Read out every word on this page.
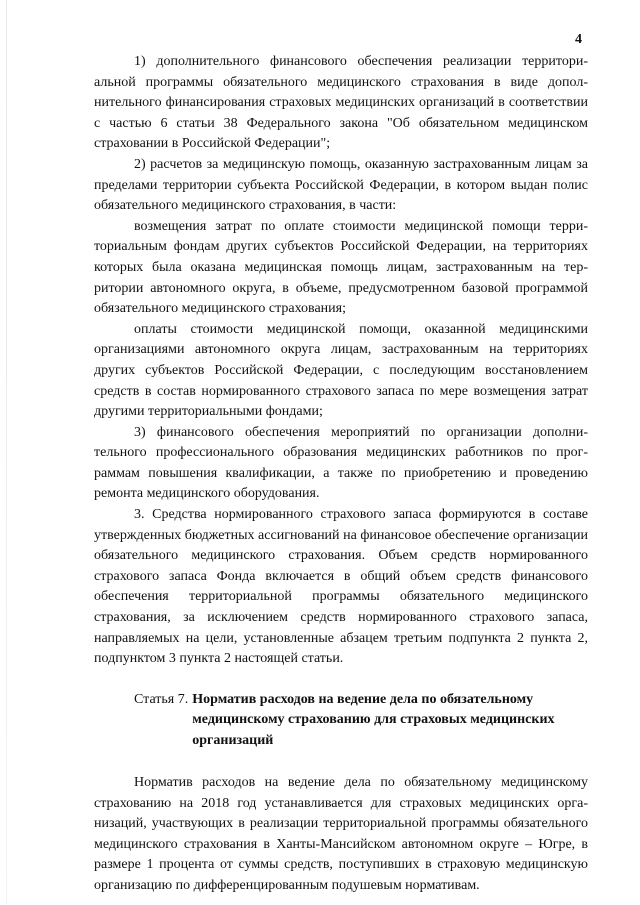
4

1) дополнительного финансового обеспечения реализации территориальной программы обязательного медицинского страхования в виде дополнительного финансирования страховых медицинских организаций в соответствии с частью 6 статьи 38 Федерального закона "Об обязательном медицинском страховании в Российской Федерации";

2) расчетов за медицинскую помощь, оказанную застрахованным лицам за пределами территории субъекта Российской Федерации, в котором выдан полис обязательного медицинского страхования, в части:

возмещения затрат по оплате стоимости медицинской помощи территориальным фондам других субъектов Российской Федерации, на территориях которых была оказана медицинская помощь лицам, застрахованным на территории автономного округа, в объеме, предусмотренном базовой программой обязательного медицинского страхования;

оплаты стоимости медицинской помощи, оказанной медицинскими организациями автономного округа лицам, застрахованным на территориях других субъектов Российской Федерации, с последующим восстановлением средств в состав нормированного страхового запаса по мере возмещения затрат другими территориальными фондами;

3) финансового обеспечения мероприятий по организации дополнительного профессионального образования медицинских работников по программам повышения квалификации, а также по приобретению и проведению ремонта медицинского оборудования.

3. Средства нормированного страхового запаса формируются в составе утвержденных бюджетных ассигнований на финансовое обеспечение организации обязательного медицинского страхования. Объем средств нормированного страхового запаса Фонда включается в общий объем средств финансового обеспечения территориальной программы обязательного медицинского страхования, за исключением средств нормированного страхового запаса, направляемых на цели, установленные абзацем третьим подпункта 2 пункта 2, подпунктом 3 пункта 2 настоящей статьи.

Статья 7. Норматив расходов на ведение дела по обязательному медицинскому страхованию для страховых медицинских организаций

Норматив расходов на ведение дела по обязательному медицинскому страхованию на 2018 год устанавливается для страховых медицинских организаций, участвующих в реализации территориальной программы обязательного медицинского страхования в Ханты-Мансийском автономном округе – Югре, в размере 1 процента от суммы средств, поступивших в страховую медицинскую организацию по дифференцированным подушевым нормативам.
